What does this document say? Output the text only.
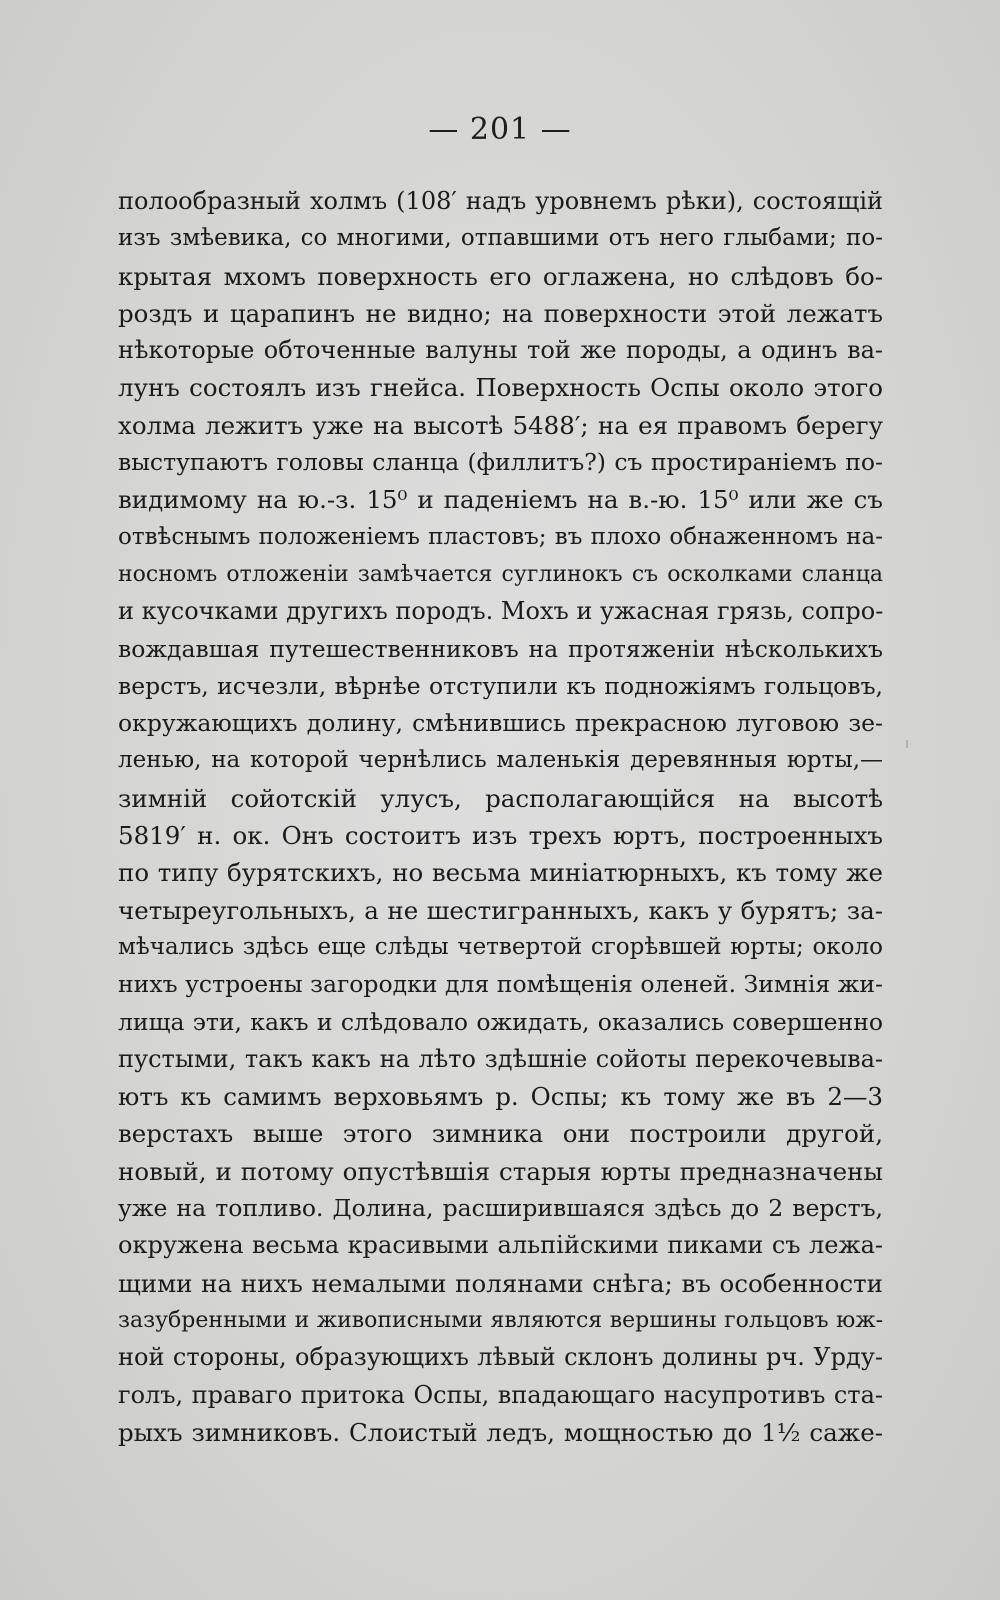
— 201 —
полообразный холмъ (108′ надъ уровнемъ рѣки), состоящій
изъ змѣевика, со многими, отпавшими отъ него глыбами; по-
крытая мхомъ поверхность его оглажена, но слѣдовъ бо-
роздъ и царапинъ не видно; на поверхности этой лежатъ
нѣкоторые обточенные валуны той же породы, а одинъ ва-
лунъ состоялъ изъ гнейса. Поверхность Оспы около этого
холма лежитъ уже на высотѣ 5488′; на ея правомъ берегу
выступаютъ головы сланца (филлитъ?) съ простираніемъ по-
видимому на ю.-з. 15⁰ и паденіемъ на в.-ю. 15⁰ или же съ
отвѣснымъ положеніемъ пластовъ; въ плохо обнаженномъ на-
носномъ отложеніи замѣчается суглинокъ съ осколками сланца
и кусочками другихъ породъ. Мохъ и ужасная грязь, сопро-
вождавшая путешественниковъ на протяженіи нѣсколькихъ
верстъ, исчезли, вѣрнѣе отступили къ подножіямъ гольцовъ,
окружающихъ долину, смѣнившись прекрасною луговою зе-
ленью, на которой чернѣлись маленькія деревянныя юрты,—
зимній сойотскій улусъ, располагающійся на высотѣ
5819′ н. ок. Онъ состоитъ изъ трехъ юртъ, построенныхъ
по типу бурятскихъ, но весьма миніатюрныхъ, къ тому же
четыреугольныхъ, а не шестигранныхъ, какъ у бурятъ; за-
мѣчались здѣсь еще слѣды четвертой сгорѣвшей юрты; около
нихъ устроены загородки для помѣщенія оленей. Зимнія жи-
лища эти, какъ и слѣдовало ожидать, оказались совершенно
пустыми, такъ какъ на лѣто здѣшніе сойоты перекочевыва-
ютъ къ самимъ верховьямъ р. Оспы; къ тому же въ 2—3
верстахъ выше этого зимника они построили другой,
новый, и потому опустѣвшія старыя юрты предназначены
уже на топливо. Долина, расширившаяся здѣсь до 2 верстъ,
окружена весьма красивыми альпійскими пиками съ лежа-
щими на нихъ немалыми полянами снѣга; въ особенности
зазубренными и живописными являются вершины гольцовъ юж-
ной стороны, образующихъ лѣвый склонъ долины рч. Урду-
голъ, праваго притока Оспы, впадающаго насупротивъ ста-
рыхъ зимниковъ. Слоистый ледъ, мощностью до 1½ саже-
